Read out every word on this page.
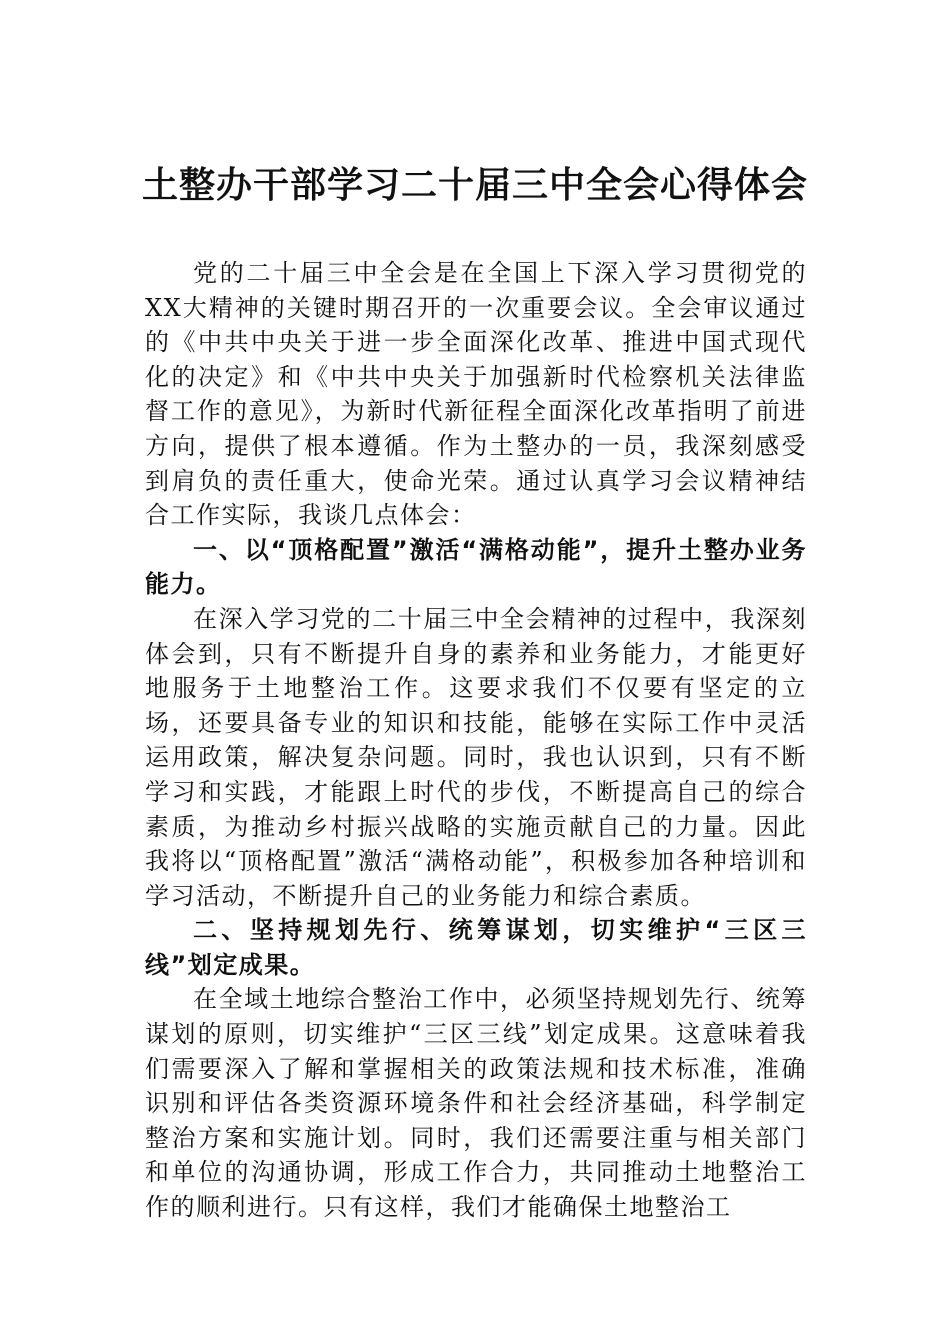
土整办干部学习二十届三中全会心得体会

党的二十届三中全会是在全国上下深入学习贯彻党的XX大精神的关键时期召开的一次重要会议。全会审议通过的《中共中央关于进一步全面深化改革、推进中国式现代化的决定》和《中共中央关于加强新时代检察机关法律监督工作的意见》，为新时代新征程全面深化改革指明了前进方向，提供了根本遵循。作为土整办的一员，我深刻感受到肩负的责任重大，使命光荣。通过认真学习会议精神结合工作实际，我谈几点体会：

一、以“顶格配置”激活“满格动能”，提升土整办业务能力。

在深入学习党的二十届三中全会精神的过程中，我深刻体会到，只有不断提升自身的素养和业务能力，才能更好地服务于土地整治工作。这要求我们不仅要有坚定的立场，还要具备专业的知识和技能，能够在实际工作中灵活运用政策，解决复杂问题。同时，我也认识到，只有不断学习和实践，才能跟上时代的步伐，不断提高自己的综合素质，为推动乡村振兴战略的实施贡献自己的力量。因此我将以“顶格配置”激活“满格动能”，积极参加各种培训和学习活动，不断提升自己的业务能力和综合素质。

二、坚持规划先行、统筹谋划，切实维护“三区三线”划定成果。

在全域土地综合整治工作中，必须坚持规划先行、统筹谋划的原则，切实维护“三区三线”划定成果。这意味着我们需要深入了解和掌握相关的政策法规和技术标准，准确识别和评估各类资源环境条件和社会经济基础，科学制定整治方案和实施计划。同时，我们还需要注重与相关部门和单位的沟通协调，形成工作合力，共同推动土地整治工作的顺利进行。只有这样，我们才能确保土地整治工
